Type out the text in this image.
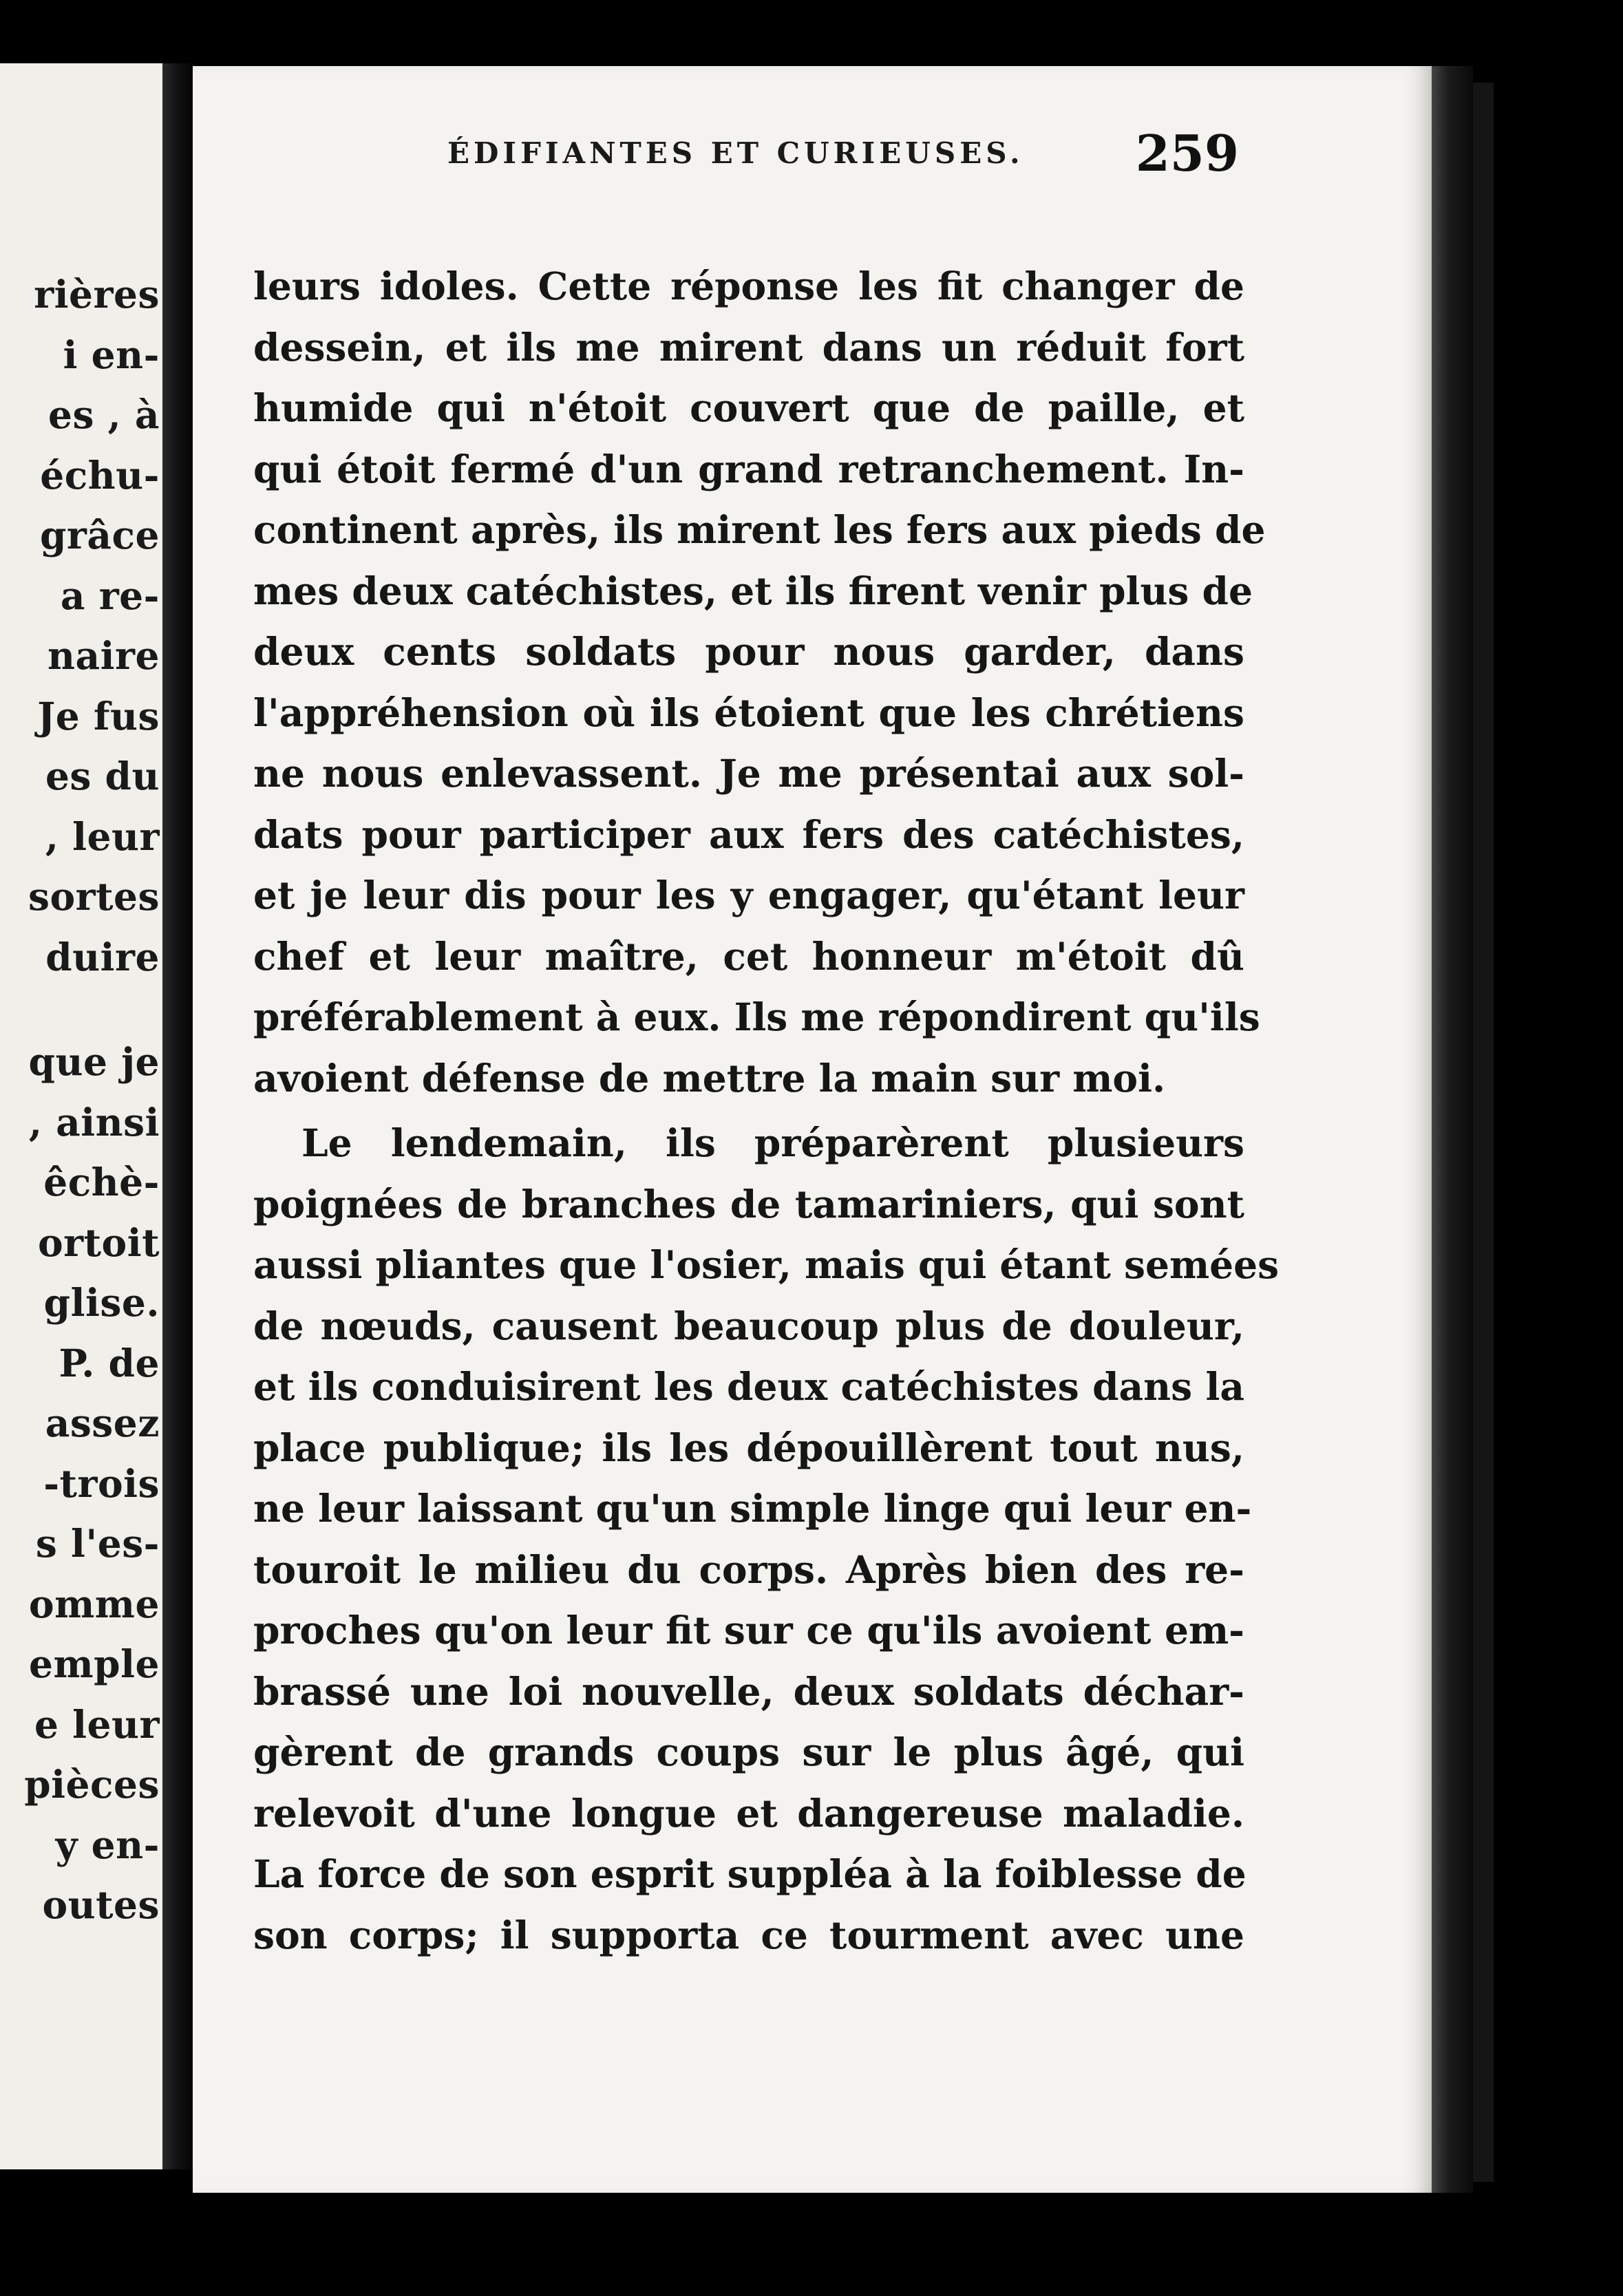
rières
i en-
es , à
échu-
grâce
a re-
naire
Je fus
es du
, leur
sortes
duire
que je
, ainsi
êchè-
ortoit
glise.
P. de
assez
-trois
s l'es-
omme
emple
e leur
pièces
y en-
outes
ÉDIFIANTES ET CURIEUSES. 259
leurs idoles. Cette réponse les fit changer de
dessein, et ils me mirent dans un réduit fort
humide qui n'étoit couvert que de paille, et
qui étoit fermé d'un grand retranchement. In-
continent après, ils mirent les fers aux pieds de
mes deux catéchistes, et ils firent venir plus de
deux cents soldats pour nous garder, dans
l'appréhension où ils étoient que les chrétiens
ne nous enlevassent. Je me présentai aux sol-
dats pour participer aux fers des catéchistes,
et je leur dis pour les y engager, qu'étant leur
chef et leur maître, cet honneur m'étoit dû
préférablement à eux. Ils me répondirent qu'ils
avoient défense de mettre la main sur moi.
Le lendemain, ils préparèrent plusieurs
poignées de branches de tamariniers, qui sont
aussi pliantes que l'osier, mais qui étant semées
de nœuds, causent beaucoup plus de douleur,
et ils conduisirent les deux catéchistes dans la
place publique; ils les dépouillèrent tout nus,
ne leur laissant qu'un simple linge qui leur en-
touroit le milieu du corps. Après bien des re-
proches qu'on leur fit sur ce qu'ils avoient em-
brassé une loi nouvelle, deux soldats déchar-
gèrent de grands coups sur le plus âgé, qui
relevoit d'une longue et dangereuse maladie.
La force de son esprit suppléa à la foiblesse de
son corps; il supporta ce tourment avec une
